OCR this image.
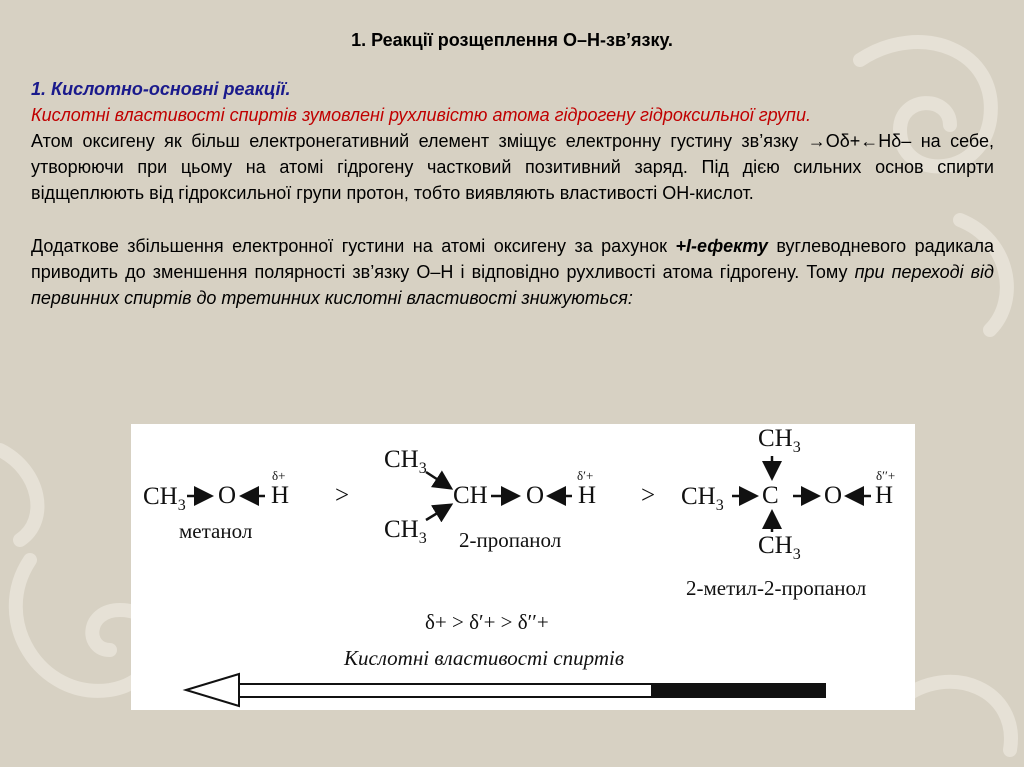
1. Реакції розщеплення О–Н-зв’язку.

1. Кислотно-основні реакції.

Кислотні властивості спиртів зумовлені рухливістю атома гідрогену гідроксильної групи.

Атом оксигену як більш електронегативний елемент зміщує електронну густину зв’язку →Oδ+←Hδ– на себе, утворюючи при цьому на атомі гідрогену частковий позитивний заряд. Під дією сильних основ спирти відщеплюють від гідроксильної групи протон, тобто виявляють властивості ОН-кислот.

Додаткове збільшення електронної густини на атомі оксигену за рахунок +I-ефекту вуглеводневого радикала приводить до зменшення полярності зв’язку О–Н і відповідно рухливості атома гідрогену. Тому при переході від первинних спиртів до третинних кислотні властивості знижуються:

$CH_3$ O H
δ+
метанол
>
$CH_3$
$CH_3$
CH O H
δ′+
2-пропанол
> $CH_3$
$CH_3$
C
$CH_3$
O H
δ′′+
2-метил-2-пропанол
δ+ > δ′+ > δ′′+
Кислотні властивості спиртів
